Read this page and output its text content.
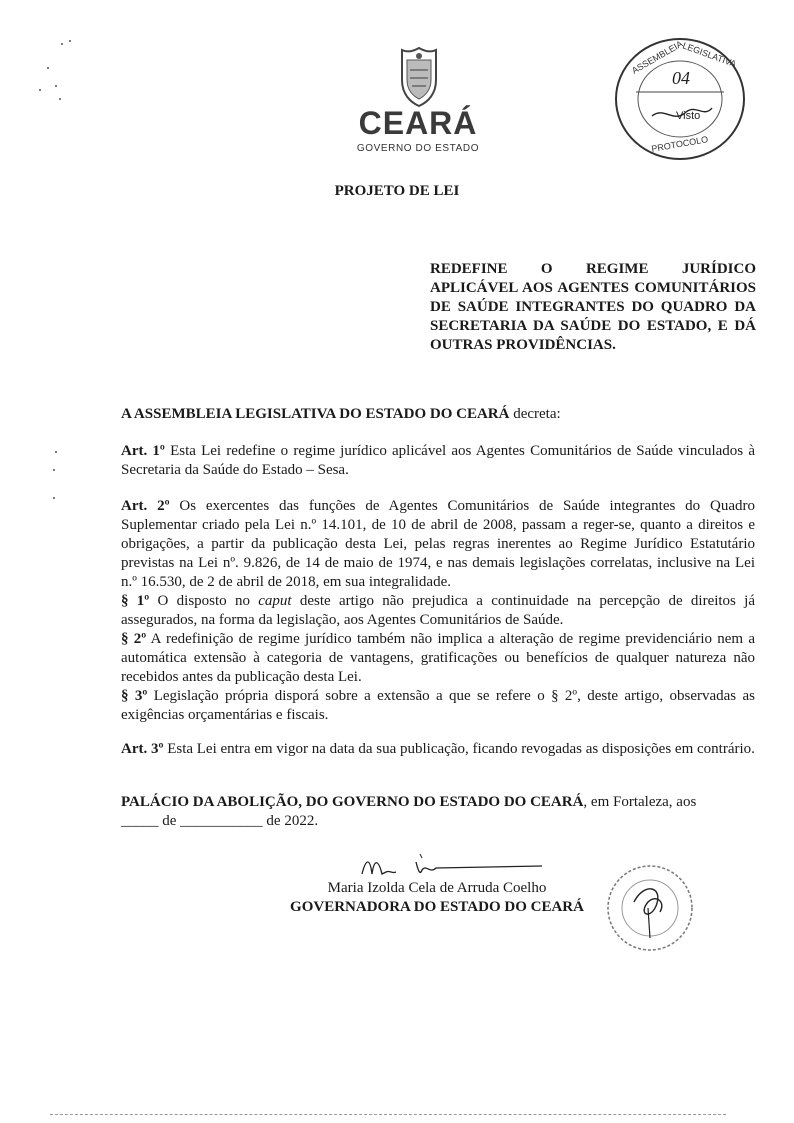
CEARÁ
GOVERNO DO ESTADO
ASSEMBLEIA
LEGISLATIVA
PROTOCOLO
04
Visto
PROJETO DE LEI
REDEFINE O REGIME JURÍDICO APLICÁVEL AOS AGENTES COMUNITÁRIOS DE SAÚDE INTEGRANTES DO QUADRO DA SECRETARIA DA SAÚDE DO ESTADO, E DÁ OUTRAS PROVIDÊNCIAS.
A ASSEMBLEIA LEGISLATIVA DO ESTADO DO CEARÁ decreta:
Art. 1º Esta Lei redefine o regime jurídico aplicável aos Agentes Comunitários de Saúde vinculados à Secretaria da Saúde do Estado – Sesa.
Art. 2º Os exercentes das funções de Agentes Comunitários de Saúde integrantes do Quadro Suplementar criado pela Lei n.º 14.101, de 10 de abril de 2008, passam a reger-se, quanto a direitos e obrigações, a partir da publicação desta Lei, pelas regras inerentes ao Regime Jurídico Estatutário previstas na Lei nº. 9.826, de 14 de maio de 1974, e nas demais legislações correlatas, inclusive na Lei n.º 16.530, de 2 de abril de 2018, em sua integralidade.
§ 1º O disposto no caput deste artigo não prejudica a continuidade na percepção de direitos já assegurados, na forma da legislação, aos Agentes Comunitários de Saúde.
§ 2º A redefinição de regime jurídico também não implica a alteração de regime previdenciário nem a automática extensão à categoria de vantagens, gratificações ou benefícios de qualquer natureza não recebidos antes da publicação desta Lei.
§ 3º Legislação própria disporá sobre a extensão a que se refere o § 2º, deste artigo, observadas as exigências orçamentárias e fiscais.
Art. 3º Esta Lei entra em vigor na data da sua publicação, ficando revogadas as disposições em contrário.
PALÁCIO DA ABOLIÇÃO, DO GOVERNO DO ESTADO DO CEARÁ, em Fortaleza, aos
_____ de ___________ de 2022.
Maria Izolda Cela de Arruda Coelho
GOVERNADORA DO ESTADO DO CEARÁ
